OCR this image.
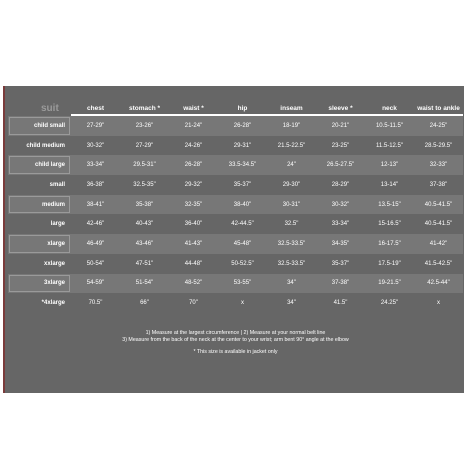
suit	chest	stomach *	waist *	hip	inseam	sleeve *	neck	waist to ankle

child small	27-29"	23-26"	21-24"	26-28"	18-19"	20-21"	10.5-11.5"	24-25"
child medium	30-32"	27-29"	24-26"	29-31"	21.5-22.5"	23-25"	11.5-12.5"	28.5-29.5"
child large	33-34"	29.5-31"	26-28"	33.5-34.5"	24"	26.5-27.5"	12-13"	32-33"
small	36-38"	32.5-35"	29-32"	35-37"	29-30"	28-29"	13-14"	37-38"
medium	38-41"	35-38"	32-35"	38-40"	30-31"	30-32"	13.5-15"	40.5-41.5"
large	42-46"	40-43"	36-40"	42-44.5"	32.5"	33-34"	15-16.5"	40.5-41.5"
xlarge	46-49"	43-46"	41-43"	45-48"	32.5-33.5"	34-35"	16-17.5"	41-42"
xxlarge	50-54"	47-51"	44-48"	50-52.5"	32.5-33.5"	35-37"	17.5-19"	41.5-42.5"
3xlarge	54-59"	51-54"	48-52"	53-55"	34"	37-38"	19-21.5"	42.5-44"
*4xlarge	70.5"	66"	70"	x	34"	41.5"	24.25"	x
1) Measure at the largest circumference | 2) Measure at your normal belt line
3) Measure from the back of the neck at the center to your wrist; arm bent 90° angle at the elbow
* This size is available in jacket only
